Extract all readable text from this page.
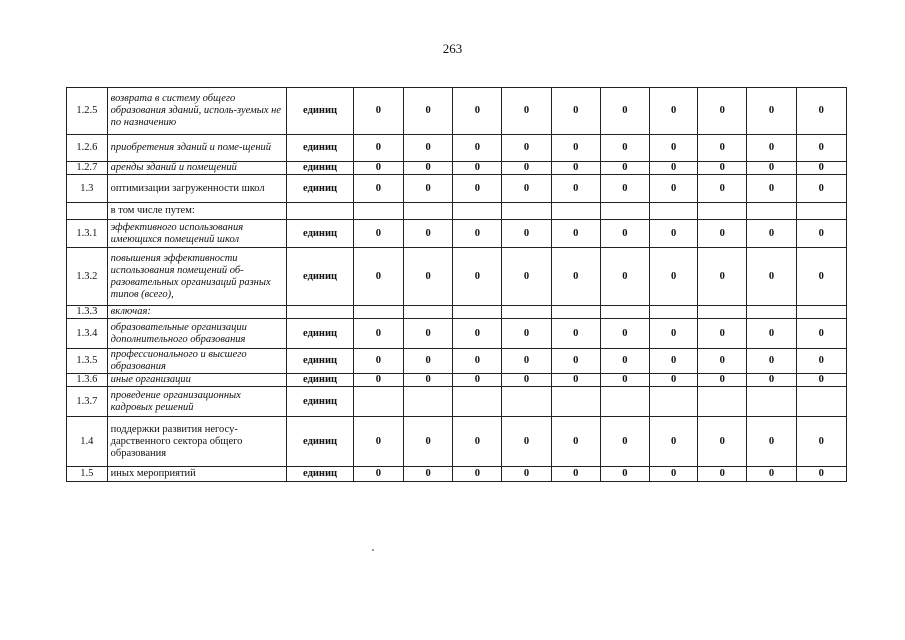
263
1.2.5	возврата в систему общего образования зданий, исполь-зуемых не по назначению	единиц	0	0	0	0	0	0	0	0	0	0
1.2.6	приобретения зданий и поме-щений	единиц	0	0	0	0	0	0	0	0	0	0
1.2.7	аренды зданий и помещений	единиц	0	0	0	0	0	0	0	0	0	0
1.3	оптимизации загруженности школ	единиц	0	0	0	0	0	0	0	0	0	0
	в том числе путем:											
1.3.1	эффективного использования имеющихся помещений школ	единиц	0	0	0	0	0	0	0	0	0	0
1.3.2	повышения эффективности использования помещений об-разовательных организаций разных типов (всего),	единиц	0	0	0	0	0	0	0	0	0	0
1.3.3	включая:											
1.3.4	образовательные организации дополнительного образования	единиц	0	0	0	0	0	0	0	0	0	0
1.3.5	профессионального и высшего образования	единиц	0	0	0	0	0	0	0	0	0	0
1.3.6	иные организации	единиц	0	0	0	0	0	0	0	0	0	0
1.3.7	проведение организационных кадровых решений	единиц										
1.4	поддержки развития негосу-дарственного сектора общего образования	единиц	0	0	0	0	0	0	0	0	0	0
1.5	иных мероприятий	единиц	0	0	0	0	0	0	0	0	0	0
